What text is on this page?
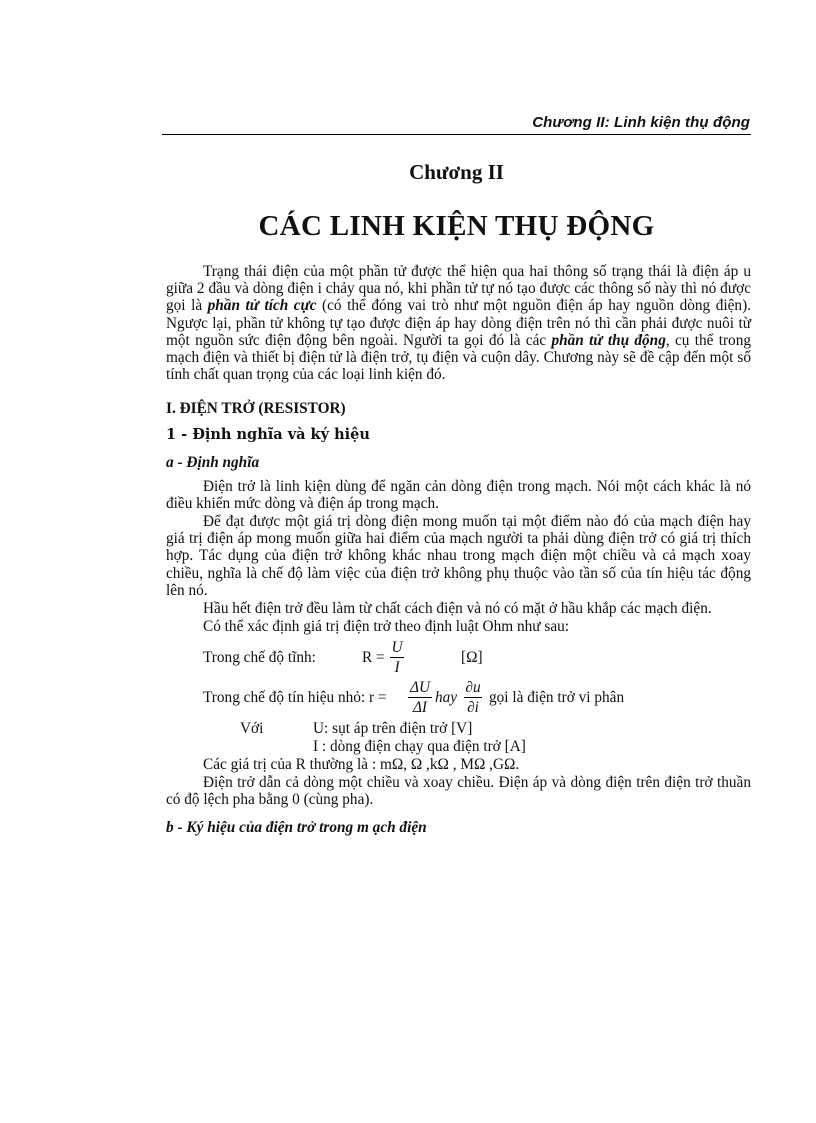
Chương II: Linh kiện thụ động
Chương II
CÁC LINH KIỆN THỤ ĐỘNG

Trạng thái điện của một phần tử được thể hiện qua hai thông số trạng thái là điện áp u giữa 2 đầu và dòng điện i chảy qua nó, khi phần tử tự nó tạo được các thông số này thì nó được gọi là phần tử tích cực (có thể đóng vai trò như một nguồn điện áp hay nguồn dòng điện). Ngược lại, phần tử không tự tạo được điện áp hay dòng điện trên nó thì cần phải được nuôi từ một nguồn sức điện động bên ngoài. Người ta gọi đó là các phần tử thụ động, cụ thể trong mạch điện và thiết bị điện tử là điện trở, tụ điện và cuộn dây. Chương này sẽ đề cập đến một số tính chất quan trọng của các loại linh kiện đó.

I. ĐIỆN TRỞ (RESISTOR)
1 - Định nghĩa và ký hiệu
a - Định nghĩa

Điện trở là linh kiện dùng để ngăn cản dòng điện trong mạch. Nói một cách khác là nó điều khiển mức dòng và điện áp trong mạch.

Để đạt được một giá trị dòng điện mong muốn tại một điểm nào đó của mạch điện hay giá trị điện áp mong muốn giữa hai điểm của mạch người ta phải dùng điện trở có giá trị thích hợp. Tác dụng của điện trở không khác nhau trong mạch điện một chiều và cả mạch xoay chiều, nghĩa là chế độ làm việc của điện trở không phụ thuộc vào tần số của tín hiệu tác động lên nó.

Hầu hết điện trở đều làm từ chất cách điện và nó có mặt ở hầu khắp các mạch điện.

Có thể xác định giá trị điện trở theo định luật Ohm như sau:

Trong chế độ tĩnh:	R =
U
I
[Ω]
Trong chế độ tín hiệu nhỏ: r =
ΔU
ΔI
hay
∂u
∂i
gọi là điện trở vi phân
Với	U: sụt áp trên điện trở [V]
I : dòng điện chạy qua điện trở [A]

Các giá trị của R thường là : mΩ, Ω ,kΩ , MΩ ,GΩ.

Điện trở dẫn cả dòng một chiều và xoay chiều. Điện áp và dòng điện trên điện trở thuần có độ lệch pha bằng 0 (cùng pha).

b - Ký hiệu của điện trở trong m ạch điện
